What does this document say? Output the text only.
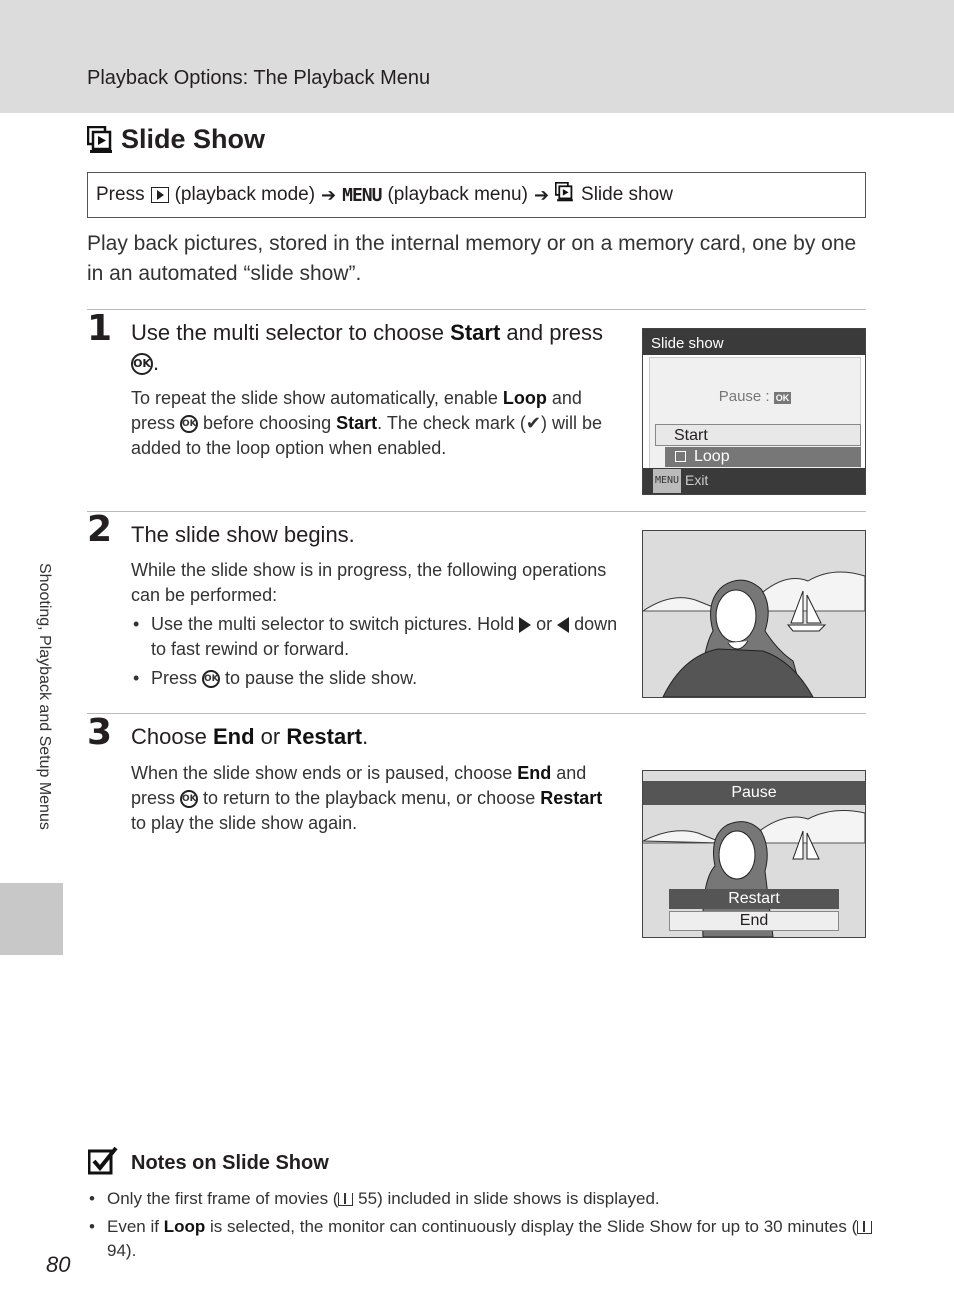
Playback Options: The Playback Menu
Slide Show
Press (playback mode) ➔ MENU (playback menu) ➔ Slide show
Play back pictures, stored in the internal memory or on a memory card, one by one in an automated “slide show”.
1 Use the multi selector to choose Start and press OK.
To repeat the slide show automatically, enable Loop and press OK before choosing Start. The check mark (✔) will be added to the loop option when enabled.
Slide show
Pause : OK
Start
Loop
MENU Exit
2 The slide show begins.
While the slide show is in progress, the following operations can be performed:
• Use the multi selector to switch pictures. Hold  or  down to fast rewind or forward.
• Press OK to pause the slide show.
3 Choose End or Restart.
When the slide show ends or is paused, choose End and press OK to return to the playback menu, or choose Restart to play the slide show again.
Pause
Restart
End
Shooting, Playback and Setup Menus
Notes on Slide Show
• Only the first frame of movies ( 55) included in slide shows is displayed.
• Even if Loop is selected, the monitor can continuously display the Slide Show for up to 30 minutes ( 94).
80
